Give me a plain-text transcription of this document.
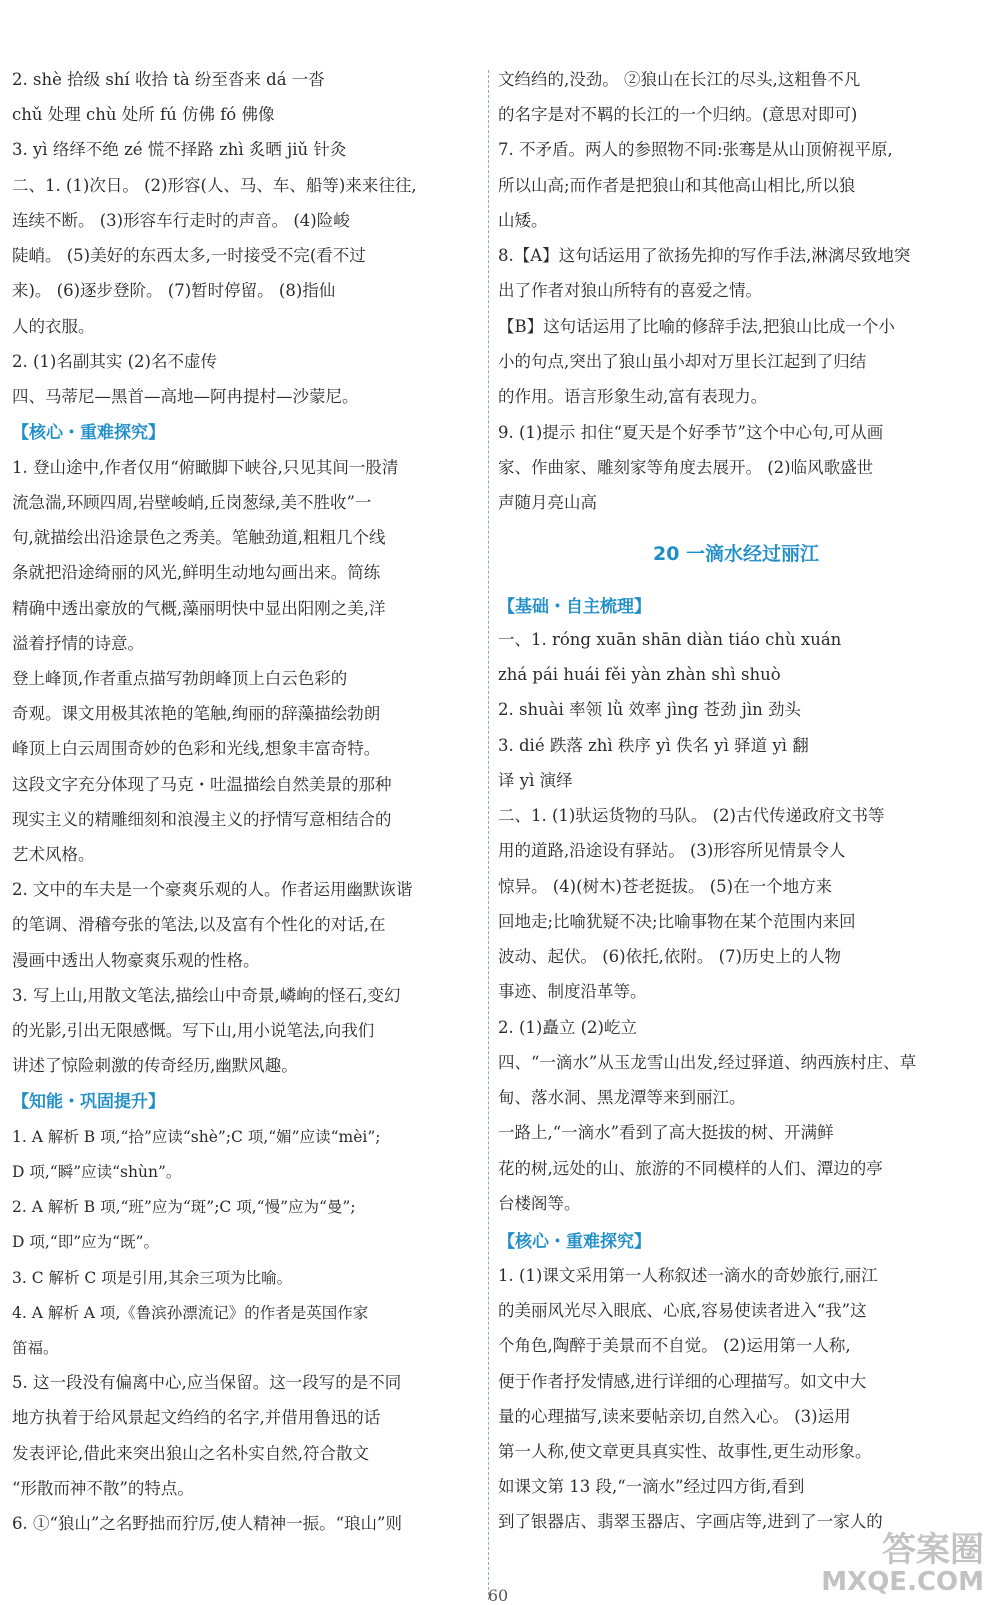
2. shè 拾级 shí 收拾 tà 纷至沓来 dá 一沓
chǔ 处理 chù 处所 fú 仿佛 fó 佛像
3. yì 络绎不绝 zé 慌不择路 zhì 炙晒 jiǔ 针灸
二、1. (1)次日。 (2)形容(人、马、车、船等)来来往往,
连续不断。 (3)形容车行走时的声音。 (4)险峻
陡峭。 (5)美好的东西太多,一时接受不完(看不过
来)。 (6)逐步登阶。 (7)暂时停留。 (8)指仙
人的衣服。
2. (1)名副其实 (2)名不虚传
四、马蒂尼—黑首—高地—阿冉提村—沙蒙尼。
【核心・重难探究】
1. 登山途中,作者仅用“俯瞰脚下峡谷,只见其间一股清
流急湍,环顾四周,岩壁峻峭,丘岗葱绿,美不胜收”一
句,就描绘出沿途景色之秀美。笔触劲道,粗粗几个线
条就把沿途绮丽的风光,鲜明生动地勾画出来。简练
精确中透出豪放的气概,藻丽明快中显出阳刚之美,洋
溢着抒情的诗意。
登上峰顶,作者重点描写勃朗峰顶上白云色彩的
奇观。课文用极其浓艳的笔触,绚丽的辞藻描绘勃朗
峰顶上白云周围奇妙的色彩和光线,想象丰富奇特。
这段文字充分体现了马克・吐温描绘自然美景的那种
现实主义的精雕细刻和浪漫主义的抒情写意相结合的
艺术风格。
2. 文中的车夫是一个豪爽乐观的人。作者运用幽默诙谐
的笔调、滑稽夸张的笔法,以及富有个性化的对话,在
漫画中透出人物豪爽乐观的性格。
3. 写上山,用散文笔法,描绘山中奇景,嶙峋的怪石,变幻
的光影,引出无限感慨。写下山,用小说笔法,向我们
讲述了惊险刺激的传奇经历,幽默风趣。
【知能・巩固提升】
1. A 解析 B 项,“拾”应读“shè”;C 项,“媚”应读“mèi”;
D 项,“瞬”应读“shùn”。
2. A 解析 B 项,“班”应为“斑”;C 项,“慢”应为“曼”;
D 项,“即”应为“既”。
3. C 解析 C 项是引用,其余三项为比喻。
4. A 解析 A 项,《鲁滨孙漂流记》的作者是英国作家
笛福。
5. 这一段没有偏离中心,应当保留。这一段写的是不同
地方执着于给风景起文绉绉的名字,并借用鲁迅的话
发表评论,借此来突出狼山之名朴实自然,符合散文
“形散而神不散”的特点。
6. ①“狼山”之名野拙而狞厉,使人精神一振。“琅山”则
文绉绉的,没劲。 ②狼山在长江的尽头,这粗鲁不凡
的名字是对不羁的长江的一个归纳。(意思对即可)
7. 不矛盾。两人的参照物不同:张骞是从山顶俯视平原,
所以山高;而作者是把狼山和其他高山相比,所以狼
山矮。
8.【A】这句话运用了欲扬先抑的写作手法,淋漓尽致地突
出了作者对狼山所特有的喜爱之情。
【B】这句话运用了比喻的修辞手法,把狼山比成一个小
小的句点,突出了狼山虽小却对万里长江起到了归结
的作用。语言形象生动,富有表现力。
9. (1)提示 扣住“夏天是个好季节”这个中心句,可从画
家、作曲家、雕刻家等角度去展开。 (2)临风歌盛世
声随月亮山高
20 一滴水经过丽江
【基础・自主梳理】
一、1. róng xuān shān diàn tiáo chù xuán
zhá pái huái fěi yàn zhàn shì shuò
2. shuài 率领 lǜ 效率 jìng 苍劲 jìn 劲头
3. dié 跌落 zhì 秩序 yì 佚名 yì 驿道 yì 翻
译 yì 演绎
二、1. (1)驮运货物的马队。 (2)古代传递政府文书等
用的道路,沿途设有驿站。 (3)形容所见情景令人
惊异。 (4)(树木)苍老挺拔。 (5)在一个地方来
回地走;比喻犹疑不决;比喻事物在某个范围内来回
波动、起伏。 (6)依托,依附。 (7)历史上的人物
事迹、制度沿革等。
2. (1)矗立 (2)屹立
四、“一滴水”从玉龙雪山出发,经过驿道、纳西族村庄、草
甸、落水洞、黑龙潭等来到丽江。
一路上,“一滴水”看到了高大挺拔的树、开满鲜
花的树,远处的山、旅游的不同模样的人们、潭边的亭
台楼阁等。
【核心・重难探究】
1. (1)课文采用第一人称叙述一滴水的奇妙旅行,丽江
的美丽风光尽入眼底、心底,容易使读者进入“我”这
个角色,陶醉于美景而不自觉。 (2)运用第一人称,
便于作者抒发情感,进行详细的心理描写。如文中大
量的心理描写,读来要帖亲切,自然入心。 (3)运用
第一人称,使文章更具真实性、故事性,更生动形象。
如课文第 13 段,“一滴水”经过四方街,看到
到了银器店、翡翠玉器店、字画店等,进到了一家人的
60
答案圈
MXQE.COM
